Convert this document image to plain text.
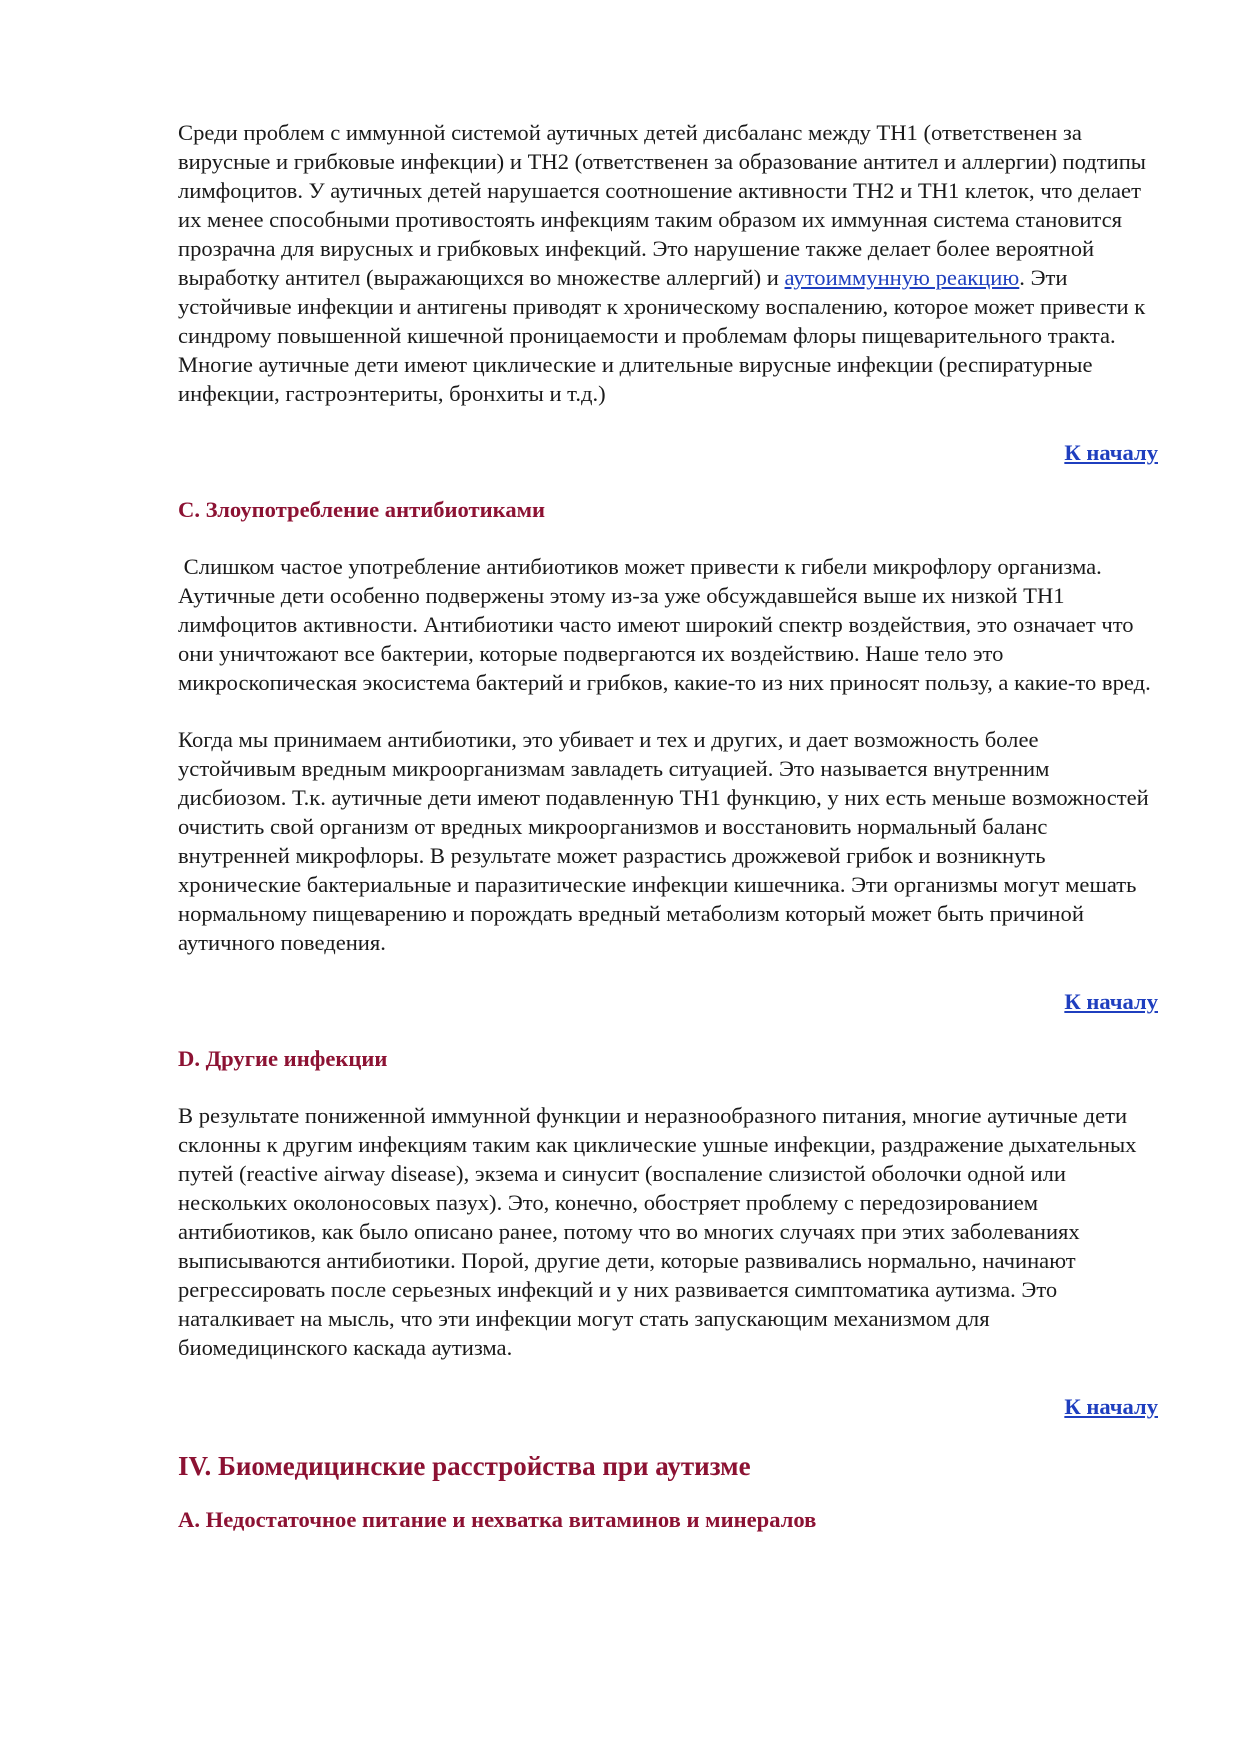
Среди проблем с иммунной системой аутичных детей дисбаланс между TH1 (ответственен за вирусные и грибковые инфекции) и TH2 (ответственен за образование антител и аллергии) подтипы лимфоцитов. У аутичных детей нарушается соотношение активности TH2 и TH1 клеток, что делает их менее способными противостоять инфекциям таким образом их иммунная система становится прозрачна для вирусных и грибковых инфекций. Это нарушение также делает более вероятной выработку антител (выражающихся во множестве аллергий) и аутоиммунную реакцию. Эти устойчивые инфекции и антигены приводят к хроническому воспалению, которое может привести к синдрому повышенной кишечной проницаемости и проблемам флоры пищеварительного тракта. Многие аутичные дети имеют циклические и длительные вирусные инфекции (респиратурные инфекции, гастроэнтериты, бронхиты и т.д.)

К началу

C. Злоупотребление антибиотиками

Слишком частое употребление антибиотиков может привести к гибели микрофлору организма. Аутичные дети особенно подвержены этому из-за уже обсуждавшейся выше их низкой TH1 лимфоцитов активности. Антибиотики часто имеют широкий спектр воздействия, это означает что они уничтожают все бактерии, которые подвергаются их воздействию. Наше тело это микроскопическая экосистема бактерий и грибков, какие-то из них приносят пользу, а какие-то вред.

Когда мы принимаем антибиотики, это убивает и тех и других, и дает возможность более устойчивым вредным микроорганизмам завладеть ситуацией. Это называется внутренним дисбиозом. Т.к. аутичные дети имеют подавленную TH1 функцию, у них есть меньше возможностей очистить свой организм от вредных микроорганизмов и восстановить нормальный баланс внутренней микрофлоры. В результате может разрастись дрожжевой грибок и возникнуть хронические бактериальные и паразитические инфекции кишечника. Эти организмы могут мешать нормальному пищеварению и порождать вредный метаболизм который может быть причиной аутичного поведения.

К началу

D. Другие инфекции

В результате пониженной иммунной функции и неразнообразного питания, многие аутичные дети склонны к другим инфекциям таким как циклические ушные инфекции, раздражение дыхательных путей (reactive airway disease), экзема и синусит (воспаление слизистой оболочки одной или нескольких околоносовых пазух). Это, конечно, обостряет проблему с передозированием антибиотиков, как было описано ранее, потому что во многих случаях при этих заболеваниях выписываются антибиотики. Порой, другие дети, которые развивались нормально, начинают регрессировать после серьезных инфекций и у них развивается симптоматика аутизма. Это наталкивает на мысль, что эти инфекции могут стать запускающим механизмом для биомедицинского каскада аутизма.

К началу

IV. Биомедицинские расстройства при аутизме

A. Недостаточное питание и нехватка витаминов и минералов
